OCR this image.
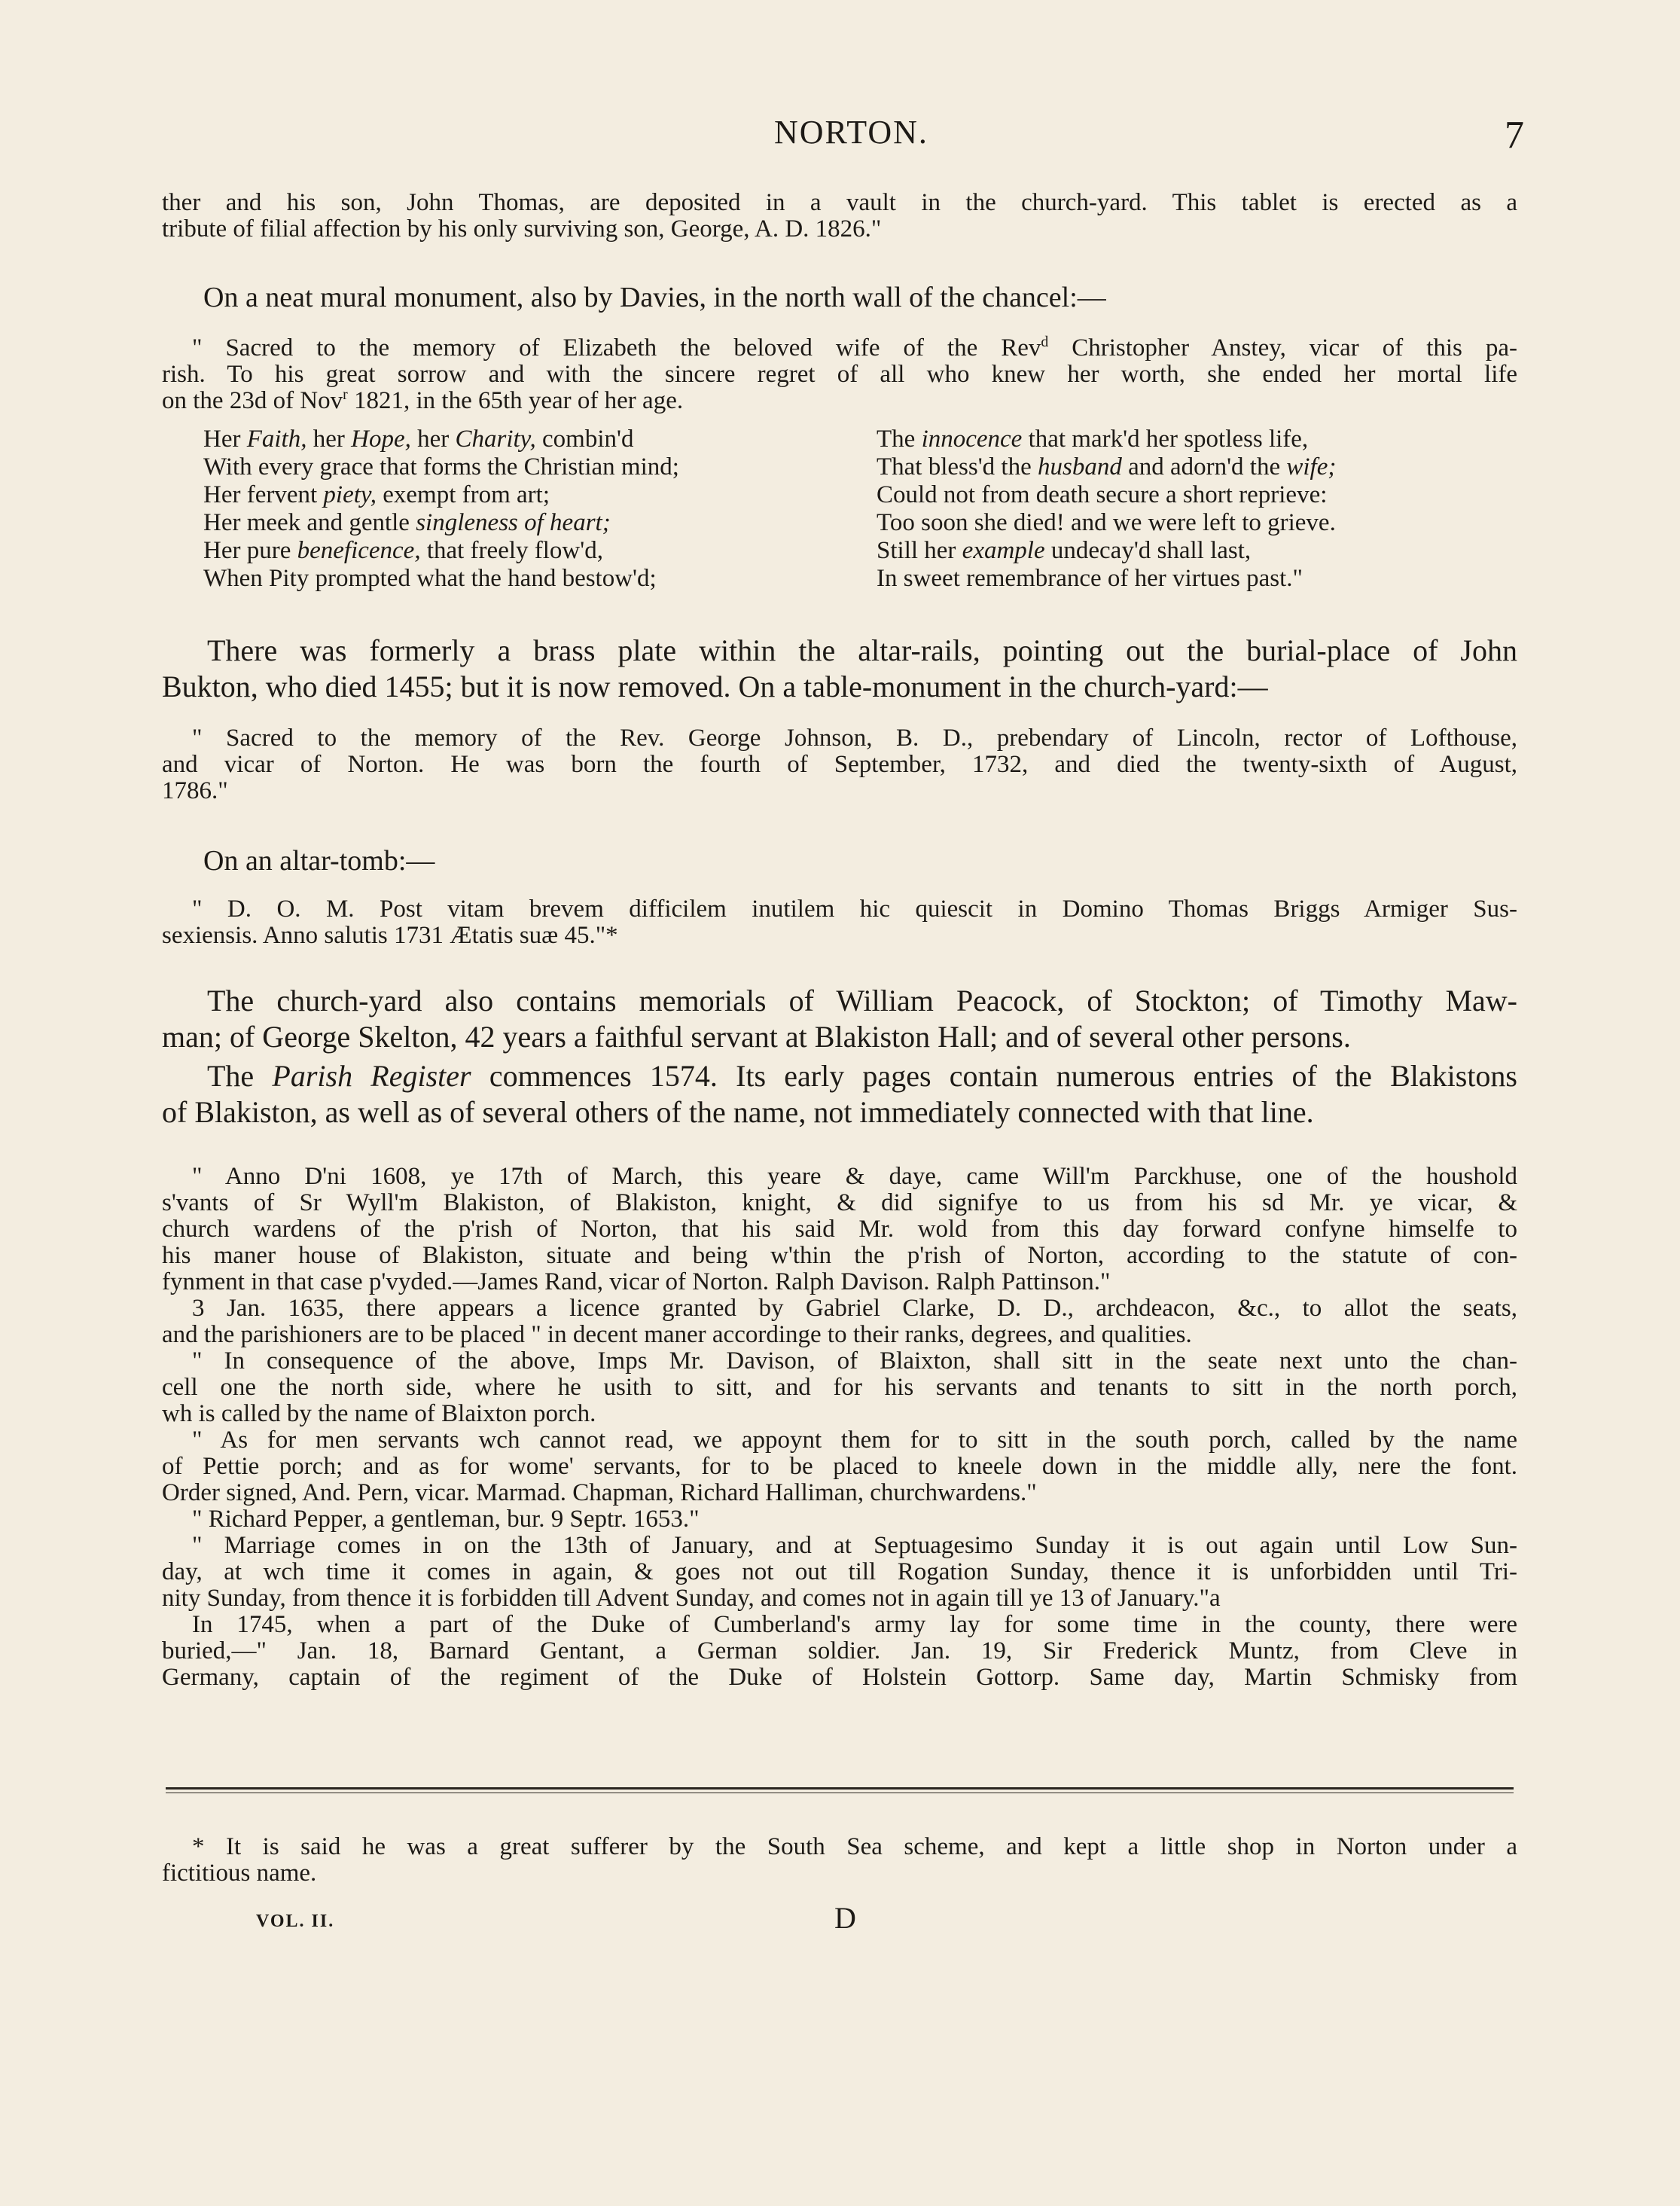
NORTON.	7
ther and his son, John Thomas, are deposited in a vault in the church-yard. This tablet is erected as a
tribute of filial affection by his only surviving son, George, A. D. 1826."
On a neat mural monument, also by Davies, in the north wall of the chancel:—
" Sacred to the memory of Elizabeth the beloved wife of the Rev$^d$ Christopher Anstey, vicar of this pa-
rish. To his great sorrow and with the sincere regret of all who knew her worth, she ended her mortal life
on the 23d of Nov$^r$ 1821, in the 65th year of her age.
Her Faith, her Hope, her Charity, combin'd
With every grace that forms the Christian mind;
Her fervent piety, exempt from art;
Her meek and gentle singleness of heart;
Her pure beneficence, that freely flow'd,
When Pity prompted what the hand bestow'd;
The innocence that mark'd her spotless life,
That bless'd the husband and adorn'd the wife;
Could not from death secure a short reprieve:
Too soon she died! and we were left to grieve.
Still her example undecay'd shall last,
In sweet remembrance of her virtues past."
There was formerly a brass plate within the altar-rails, pointing out the burial-place of John
Bukton, who died 1455; but it is now removed. On a table-monument in the church-yard:—
" Sacred to the memory of the Rev. George Johnson, B. D., prebendary of Lincoln, rector of Lofthouse,
and vicar of Norton. He was born the fourth of September, 1732, and died the twenty-sixth of August,
1786."
On an altar-tomb:—
" D. O. M. Post vitam brevem difficilem inutilem hic quiescit in Domino Thomas Briggs Armiger Sus-
sexiensis. Anno salutis 1731 Ætatis suæ 45."*
The church-yard also contains memorials of William Peacock, of Stockton; of Timothy Maw-
man; of George Skelton, 42 years a faithful servant at Blakiston Hall; and of several other persons.
The Parish Register commences 1574. Its early pages contain numerous entries of the Blakistons
of Blakiston, as well as of several others of the name, not immediately connected with that line.
" Anno D'ni 1608, ye 17th of March, this yeare & daye, came Will'm Parckhuse, one of the houshold
s'vants of Sr Wyll'm Blakiston, of Blakiston, knight, & did signifye to us from his sd Mr. ye vicar, &
church wardens of the p'rish of Norton, that his said Mr. wold from this day forward confyne himselfe to
his maner house of Blakiston, situate and being w'thin the p'rish of Norton, according to the statute of con-
fynment in that case p'vyded.—James Rand, vicar of Norton. Ralph Davison. Ralph Pattinson."
3 Jan. 1635, there appears a licence granted by Gabriel Clarke, D. D., archdeacon, &c., to allot the seats,
and the parishioners are to be placed " in decent maner accordinge to their ranks, degrees, and qualities.
" In consequence of the above, Imps Mr. Davison, of Blaixton, shall sitt in the seate next unto the chan-
cell one the north side, where he usith to sitt, and for his servants and tenants to sitt in the north porch,
wh is called by the name of Blaixton porch.
" As for men servants wch cannot read, we appoynt them for to sitt in the south porch, called by the name
of Pettie porch; and as for wome' servants, for to be placed to kneele down in the middle ally, nere the font.
Order signed, And. Pern, vicar. Marmad. Chapman, Richard Halliman, churchwardens."
" Richard Pepper, a gentleman, bur. 9 Septr. 1653."
" Marriage comes in on the 13th of January, and at Septuagesimo Sunday it is out again until Low Sun-
day, at wch time it comes in again, & goes not out till Rogation Sunday, thence it is unforbidden until Tri-
nity Sunday, from thence it is forbidden till Advent Sunday, and comes not in again till ye 13 of January."a
In 1745, when a part of the Duke of Cumberland's army lay for some time in the county, there were
buried,—" Jan. 18, Barnard Gentant, a German soldier. Jan. 19, Sir Frederick Muntz, from Cleve in
Germany, captain of the regiment of the Duke of Holstein Gottorp. Same day, Martin Schmisky from
* It is said he was a great sufferer by the South Sea scheme, and kept a little shop in Norton under a
fictitious name.
VOL. II.	D
